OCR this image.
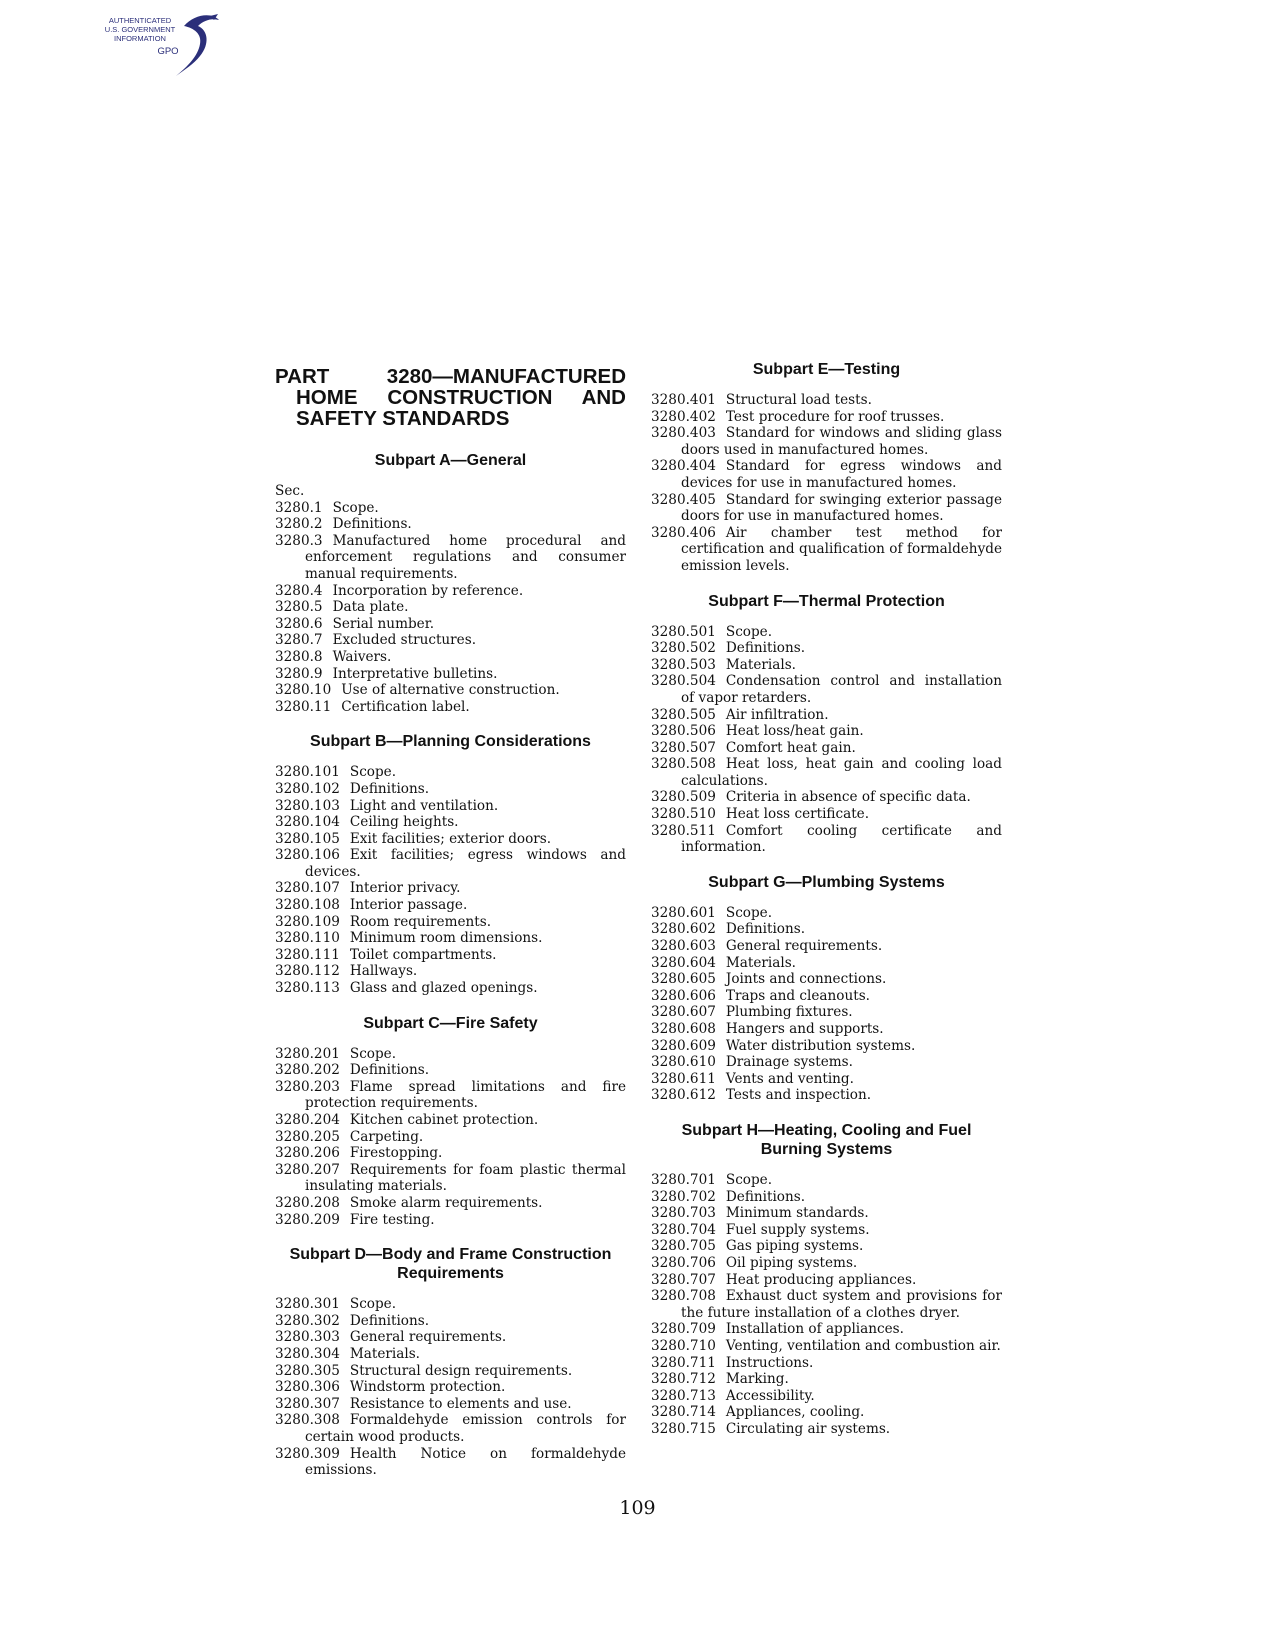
AUTHENTICATED
U.S. GOVERNMENT
INFORMATION
GPO
PART 3280—MANUFACTURED HOME CONSTRUCTION AND SAFETY STANDARDS
Subpart A—General
Sec.
3280.1 Scope.
3280.2 Definitions.
3280.3 Manufactured home procedural and enforcement regulations and consumer manual requirements.
3280.4 Incorporation by reference.
3280.5 Data plate.
3280.6 Serial number.
3280.7 Excluded structures.
3280.8 Waivers.
3280.9 Interpretative bulletins.
3280.10 Use of alternative construction.
3280.11 Certification label.
Subpart B—Planning Considerations
3280.101 Scope.
3280.102 Definitions.
3280.103 Light and ventilation.
3280.104 Ceiling heights.
3280.105 Exit facilities; exterior doors.
3280.106 Exit facilities; egress windows and devices.
3280.107 Interior privacy.
3280.108 Interior passage.
3280.109 Room requirements.
3280.110 Minimum room dimensions.
3280.111 Toilet compartments.
3280.112 Hallways.
3280.113 Glass and glazed openings.
Subpart C—Fire Safety
3280.201 Scope.
3280.202 Definitions.
3280.203 Flame spread limitations and fire protection requirements.
3280.204 Kitchen cabinet protection.
3280.205 Carpeting.
3280.206 Firestopping.
3280.207 Requirements for foam plastic thermal insulating materials.
3280.208 Smoke alarm requirements.
3280.209 Fire testing.
Subpart D—Body and Frame Construction Requirements
3280.301 Scope.
3280.302 Definitions.
3280.303 General requirements.
3280.304 Materials.
3280.305 Structural design requirements.
3280.306 Windstorm protection.
3280.307 Resistance to elements and use.
3280.308 Formaldehyde emission controls for certain wood products.
3280.309 Health Notice on formaldehyde emissions.
Subpart E—Testing
3280.401 Structural load tests.
3280.402 Test procedure for roof trusses.
3280.403 Standard for windows and sliding glass doors used in manufactured homes.
3280.404 Standard for egress windows and devices for use in manufactured homes.
3280.405 Standard for swinging exterior passage doors for use in manufactured homes.
3280.406 Air chamber test method for certification and qualification of formaldehyde emission levels.
Subpart F—Thermal Protection
3280.501 Scope.
3280.502 Definitions.
3280.503 Materials.
3280.504 Condensation control and installation of vapor retarders.
3280.505 Air infiltration.
3280.506 Heat loss/heat gain.
3280.507 Comfort heat gain.
3280.508 Heat loss, heat gain and cooling load calculations.
3280.509 Criteria in absence of specific data.
3280.510 Heat loss certificate.
3280.511 Comfort cooling certificate and information.
Subpart G—Plumbing Systems
3280.601 Scope.
3280.602 Definitions.
3280.603 General requirements.
3280.604 Materials.
3280.605 Joints and connections.
3280.606 Traps and cleanouts.
3280.607 Plumbing fixtures.
3280.608 Hangers and supports.
3280.609 Water distribution systems.
3280.610 Drainage systems.
3280.611 Vents and venting.
3280.612 Tests and inspection.
Subpart H—Heating, Cooling and Fuel Burning Systems
3280.701 Scope.
3280.702 Definitions.
3280.703 Minimum standards.
3280.704 Fuel supply systems.
3280.705 Gas piping systems.
3280.706 Oil piping systems.
3280.707 Heat producing appliances.
3280.708 Exhaust duct system and provisions for the future installation of a clothes dryer.
3280.709 Installation of appliances.
3280.710 Venting, ventilation and combustion air.
3280.711 Instructions.
3280.712 Marking.
3280.713 Accessibility.
3280.714 Appliances, cooling.
3280.715 Circulating air systems.
109
